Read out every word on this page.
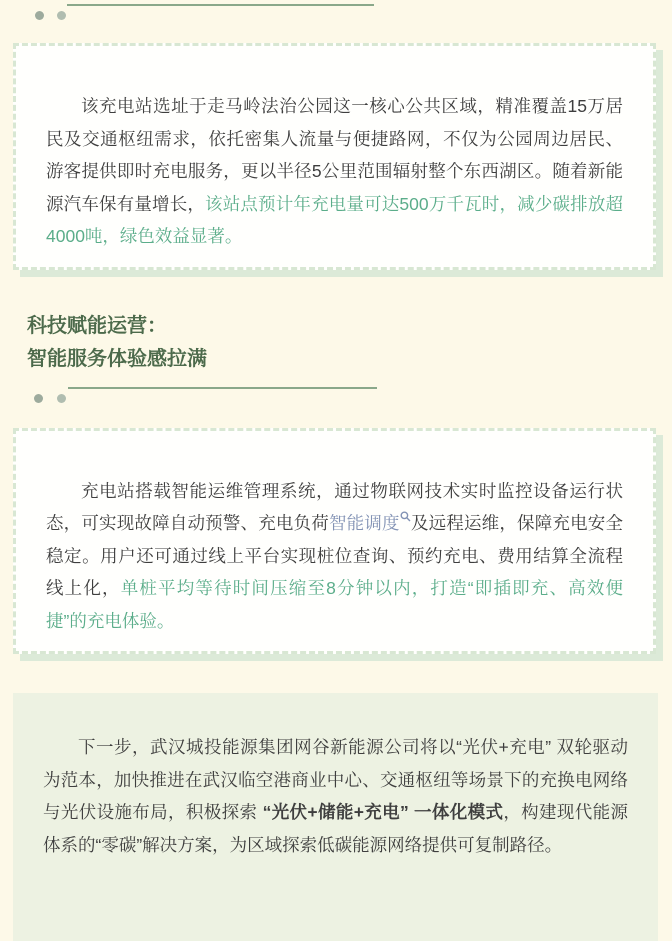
该充电站选址于走马岭法治公园这一核心公共区域，精准覆盖15万居民及交通枢纽需求，依托密集人流量与便捷路网，不仅为公园周边居民、游客提供即时充电服务，更以半径5公里范围辐射整个东西湖区。随着新能源汽车保有量增长，该站点预计年充电量可达500万千瓦时，减少碳排放超4000吨，绿色效益显著。

科技赋能运营：
智能服务体验感拉满

充电站搭载智能运维管理系统，通过物联网技术实时监控设备运行状态，可实现故障自动预警、充电负荷智能调度 及远程运维，保障充电安全稳定。用户还可通过线上平台实现桩位查询、预约充电、费用结算全流程线上化，单桩平均等待时间压缩至8分钟以内，打造“即插即充、高效便捷”的充电体验。

下一步，武汉城投能源集团网谷新能源公司将以“光伏+充电” 双轮驱动为范本，加快推进在武汉临空港商业中心、交通枢纽等场景下的充换电网络与光伏设施布局，积极探索 “光伏+储能+充电” 一体化模式，构建现代能源体系的“零碳”解决方案，为区域探索低碳能源网络提供可复制路径。
